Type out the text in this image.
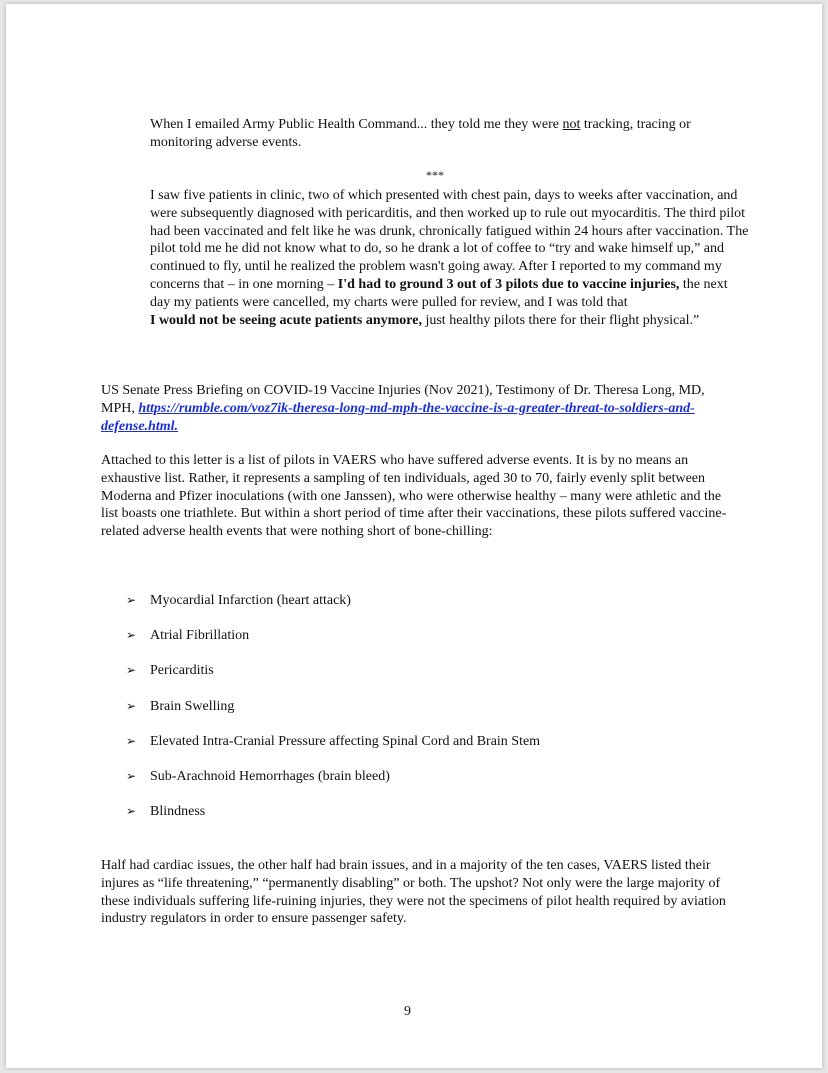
When I emailed Army Public Health Command... they told me they were not tracking, tracing or monitoring adverse events.

***

I saw five patients in clinic, two of which presented with chest pain, days to weeks after vaccination, and were subsequently diagnosed with pericarditis, and then worked up to rule out myocarditis. The third pilot had been vaccinated and felt like he was drunk, chronically fatigued within 24 hours after vaccination. The pilot told me he did not know what to do, so he drank a lot of coffee to “try and wake himself up,” and continued to fly, until he realized the problem wasn't going away. After I reported to my command my concerns that – in one morning – I'd had to ground 3 out of 3 pilots due to vaccine injuries, the next day my patients were cancelled, my charts were pulled for review, and I was told that
I would not be seeing acute patients anymore, just healthy pilots there for their flight physical.”

US Senate Press Briefing on COVID-19 Vaccine Injuries (Nov 2021), Testimony of Dr. Theresa Long, MD, MPH, https://rumble.com/voz7ik-theresa-long-md-mph-the-vaccine-is-a-greater-threat-to-soldiers-and-defense.html.

Attached to this letter is a list of pilots in VAERS who have suffered adverse events. It is by no means an exhaustive list. Rather, it represents a sampling of ten individuals, aged 30 to 70, fairly evenly split between Moderna and Pfizer inoculations (with one Janssen), who were otherwise healthy – many were athletic and the list boasts one triathlete. But within a short period of time after their vaccinations, these pilots suffered vaccine-related adverse health events that were nothing short of bone-chilling:

➢ Myocardial Infarction (heart attack)
➢ Atrial Fibrillation
➢ Pericarditis
➢ Brain Swelling
➢ Elevated Intra-Cranial Pressure affecting Spinal Cord and Brain Stem
➢ Sub-Arachnoid Hemorrhages (brain bleed)
➢ Blindness

Half had cardiac issues, the other half had brain issues, and in a majority of the ten cases, VAERS listed their injures as “life threatening,” “permanently disabling” or both. The upshot? Not only were the large majority of these individuals suffering life-ruining injuries, they were not the specimens of pilot health required by aviation industry regulators in order to ensure passenger safety.

9
